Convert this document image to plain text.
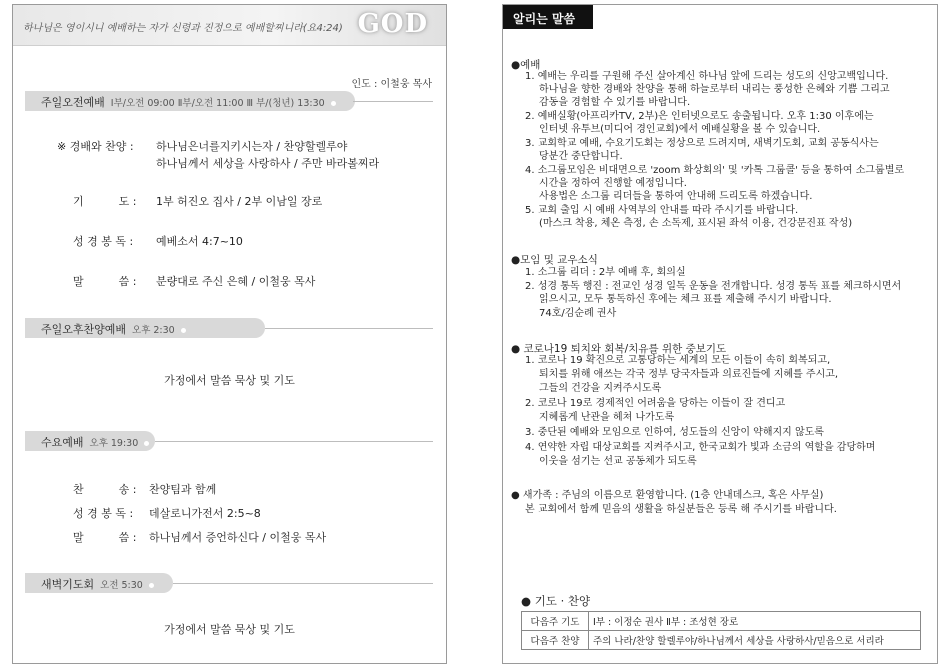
하나님은 영이시니 예배하는 자가 신령과 진정으로 예배할찌니라(요4:24) GOD
인도 : 이철웅 목사
주일오전예배 Ⅰ부/오전 09:00 Ⅱ부/오전 11:00 Ⅲ 부/(청년) 13:30
※ 경배와 찬양 : 하나님은너를지키시는자 / 찬양할렐루야
하나님께서 세상을 사랑하사 / 주만 바라볼찌라
기          도 : 1부 허진오 집사 / 2부 이남일 장로
성 경 봉 독 : 예베소서 4:7~10
말          씀 : 분량대로 주신 은혜 / 이철웅 목사
주일오후찬양예배 오후 2:30
가정에서 말씀 묵상 및 기도
수요예배 오후 19:30
찬          송 : 찬양팀과 함께
성 경 봉 독 : 데살로니가전서 2:5~8
말          씀 : 하나님께서 증언하신다 / 이철웅 목사
새벽기도회 오전 5:30
가정에서 말씀 묵상 및 기도
알리는 말씀
●예배
1. 예배는 우리를 구원해 주신 살아계신 하나님 앞에 드리는 성도의 신앙고백입니다.
하나님을 향한 경배와 찬양을 통해 하늘로부터 내리는 풍성한 은혜와 기쁨 그리고
감동을 경험할 수 있기를 바랍니다.
2. 예배실황(아프리카TV, 2부)은 인터넷으로도 송출됩니다. 오후 1:30 이후에는
인터넷 유투브(미디어 경인교회)에서 예배실황을 볼 수 있습니다.
3. 교회학교 예배, 수요기도회는 정상으로 드려지며, 새벽기도회, 교회 공동식사는
당분간 중단합니다.
4. 소그룹모임은 비대면으로 'zoom 화상회의' 및 '카톡 그룹콜' 등을 통하여 소그룹별로
시간을 정하여 진행할 예정입니다.
사용법은 소그룹 리더들을 통하여 안내해 드리도록 하겠습니다.
5. 교회 출입 시 예배 사역부의 안내를 따라 주시기를 바랍니다.
(마스크 착용, 체온 측정, 손 소독제, 표시된 좌석 이용, 건강문진표 작성)
●모임 및 교우소식
1. 소그룹 리더 : 2부 예배 후, 회의실
2. 성경 통독 행진 : 전교인 성경 일독 운동을 전개합니다. 성경 통독 표를 체크하시면서
읽으시고, 모두 통독하신 후에는 체크 표를 제출해 주시기 바랍니다.
74호/김순례 권사
● 코로나19 퇴치와 회복/치유를 위한 중보기도
1. 코로나 19 확진으로 고통당하는 세계의 모든 이들이 속히 회복되고,
퇴치를 위해 애쓰는 각국 정부 당국자들과 의료진들에 지혜를 주시고,
그들의 건강을 지켜주시도록
2. 코로나 19로 경제적인 어려움을 당하는 이들이 잘 견디고
지혜롭게 난관을 헤쳐 나가도록
3. 중단된 예배와 모임으로 인하여, 성도들의 신앙이 약해지지 않도록
4. 연약한 자립 대상교회를 지켜주시고, 한국교회가 빛과 소금의 역할을 감당하며
이웃을 섬기는 선교 공동체가 되도록
● 새가족 : 주님의 이름으로 환영합니다. (1층 안내데스크, 혹은 사무실)
본 교회에서 함께 믿음의 생활을 하실분들은 등록 해 주시기를 바랍니다.
● 기도 · 찬양
다음주 기도	Ⅰ부 : 이정순 권사 Ⅱ부 : 조성현 장로
다음주 찬양	주의 나라/찬양 할렐루야/하나님께서 세상을 사랑하사/믿음으로 서리라
